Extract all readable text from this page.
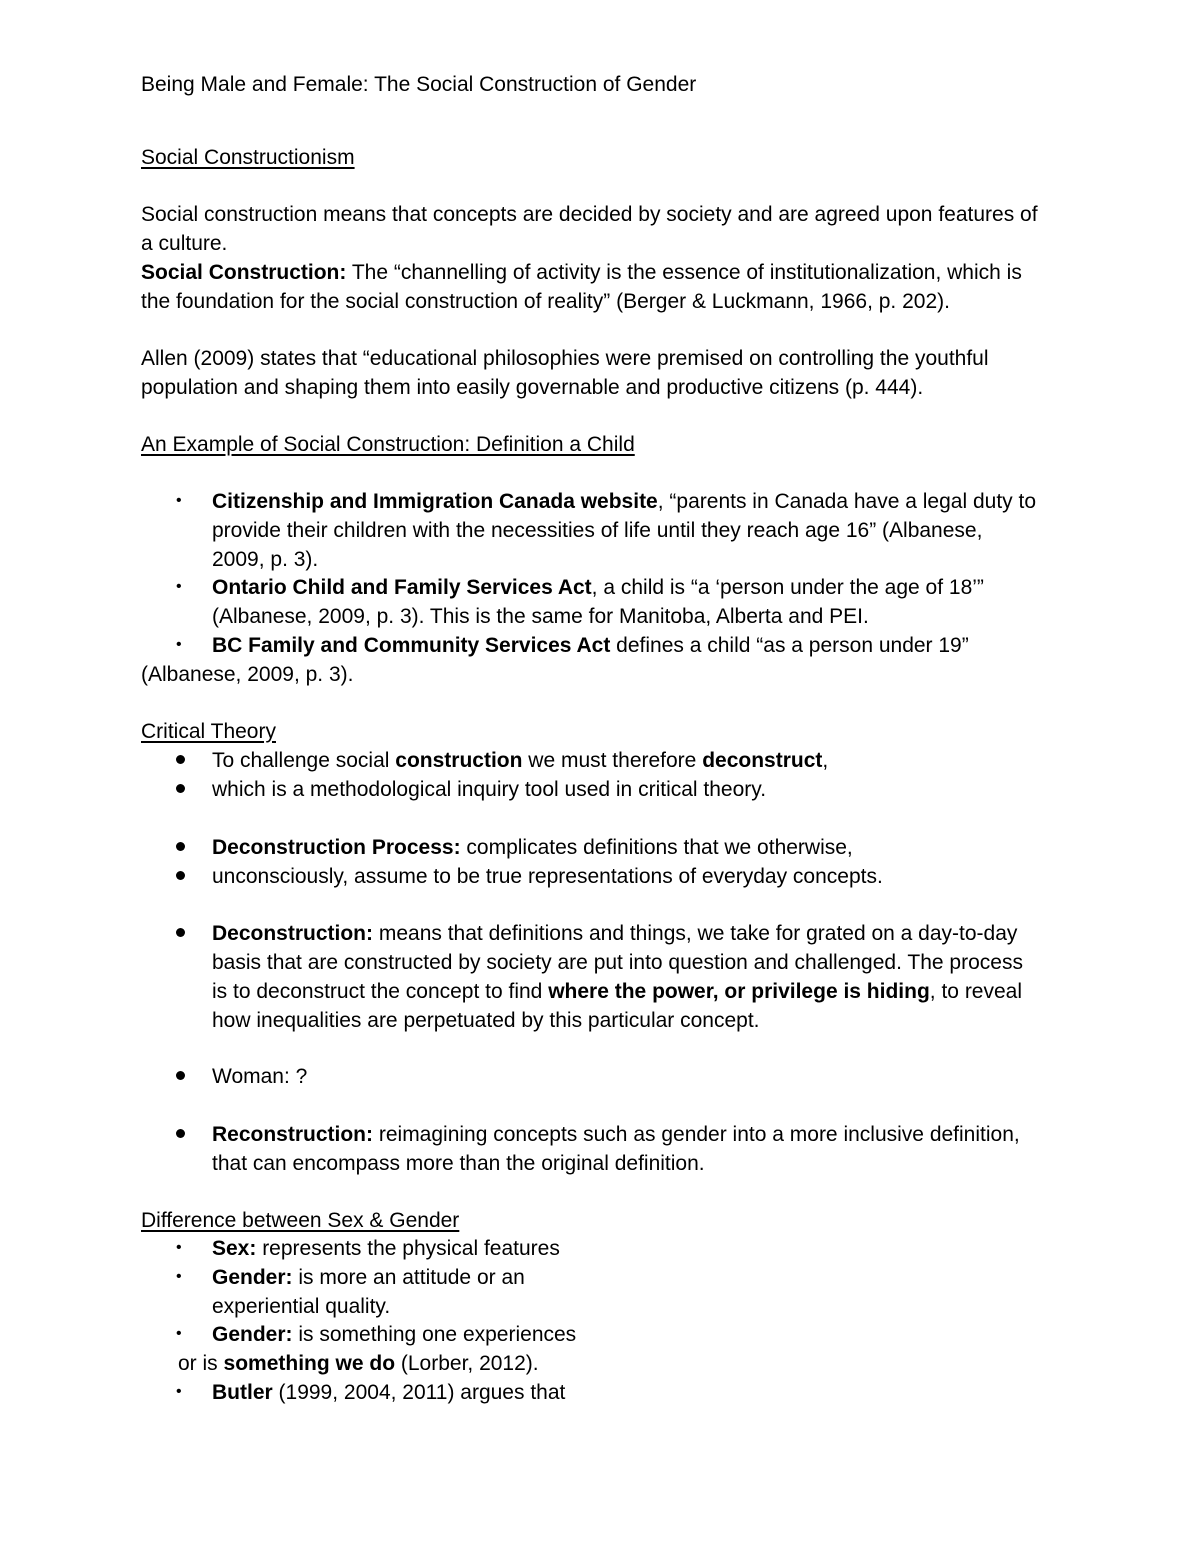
Being Male and Female: The Social Construction of Gender
Social Constructionism
Social construction means that concepts are decided by society and are agreed upon features of
a culture.
Social Construction: The “channelling of activity is the essence of institutionalization, which is
the foundation for the social construction of reality” (Berger & Luckmann, 1966, p. 202).
Allen (2009) states that “educational philosophies were premised on controlling the youthful
population and shaping them into easily governable and productive citizens (p. 444).
An Example of Social Construction: Definition a Child
• Citizenship and Immigration Canada website, “parents in Canada have a legal duty to
provide their children with the necessities of life until they reach age 16” (Albanese,
2009, p. 3).
• Ontario Child and Family Services Act, a child is “a ‘person under the age of 18’”
(Albanese, 2009, p. 3). This is the same for Manitoba, Alberta and PEI.
• BC Family and Community Services Act defines a child “as a person under 19”
(Albanese, 2009, p. 3).
Critical Theory
To challenge social construction we must therefore deconstruct,
which is a methodological inquiry tool used in critical theory.
Deconstruction Process: complicates definitions that we otherwise,
unconsciously, assume to be true representations of everyday concepts.
Deconstruction: means that definitions and things, we take for grated on a day-to-day
basis that are constructed by society are put into question and challenged. The process
is to deconstruct the concept to find where the power, or privilege is hiding, to reveal
how inequalities are perpetuated by this particular concept.
Woman: ?
Reconstruction: reimagining concepts such as gender into a more inclusive definition,
that can encompass more than the original definition.
Difference between Sex & Gender
• Sex: represents the physical features
• Gender: is more an attitude or an
experiential quality.
• Gender: is something one experiences
or is something we do (Lorber, 2012).
• Butler (1999, 2004, 2011) argues that
